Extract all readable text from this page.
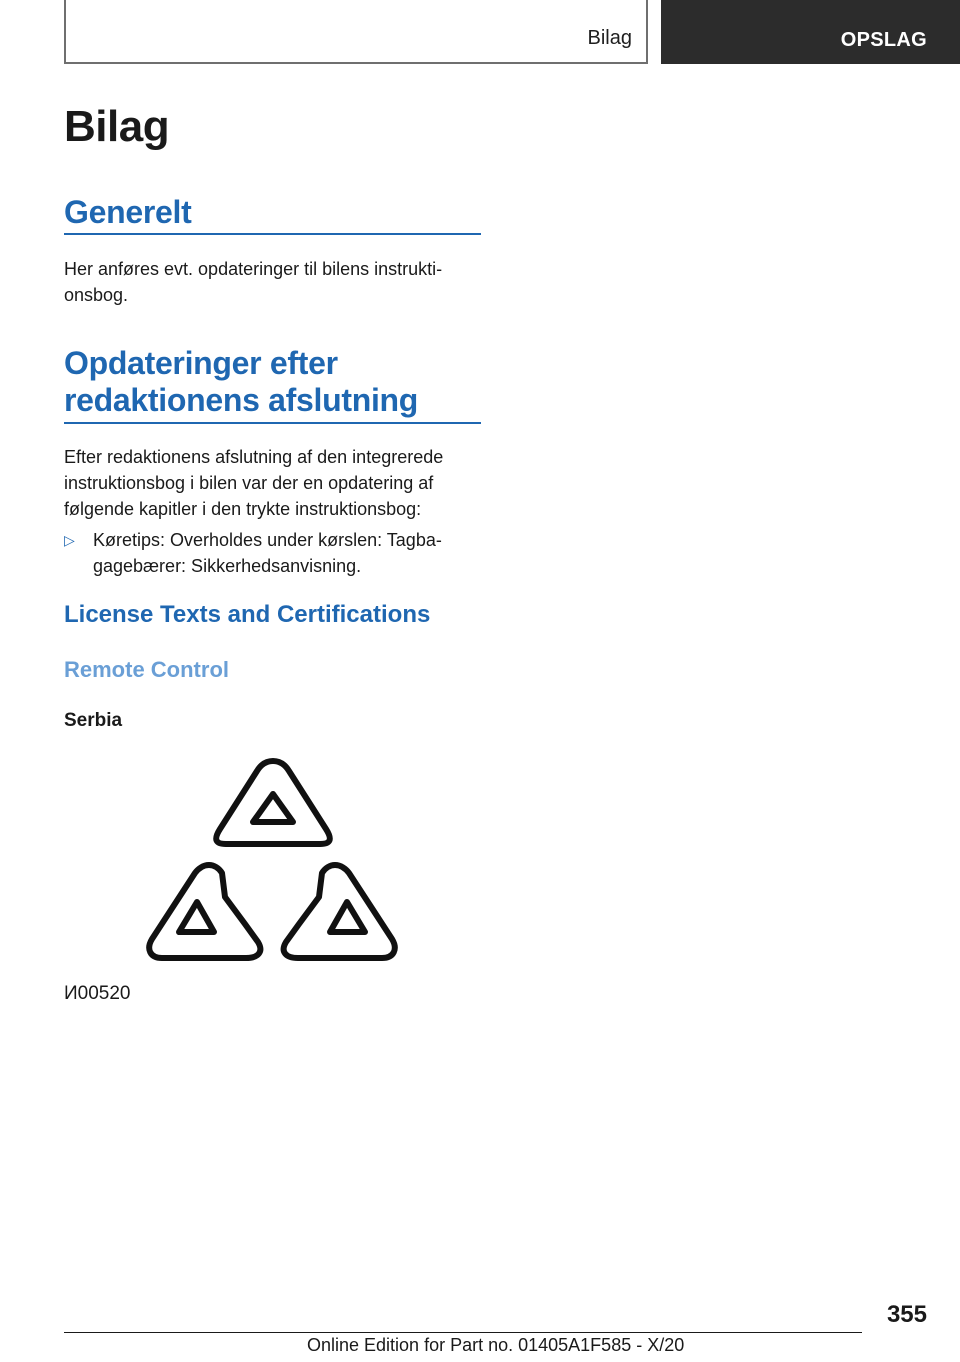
Bilag	OPSLAG
Bilag
Generelt

Her anføres evt. opdateringer til bilens instrukti-
onsbog.

Opdateringer efter
redaktionens afslutning

Efter redaktionens afslutning af den integrerede
instruktionsbog i bilen var der en opdatering af
følgende kapitler i den trykte instruktionsbog:

▷ Køretips: Overholdes under kørslen: Tagba-
gagebærer: Sikkerhedsanvisning.
License Texts and Certifications
Remote Control
Serbia
И00520
355
Online Edition for Part no. 01405A1F585 - X/20
